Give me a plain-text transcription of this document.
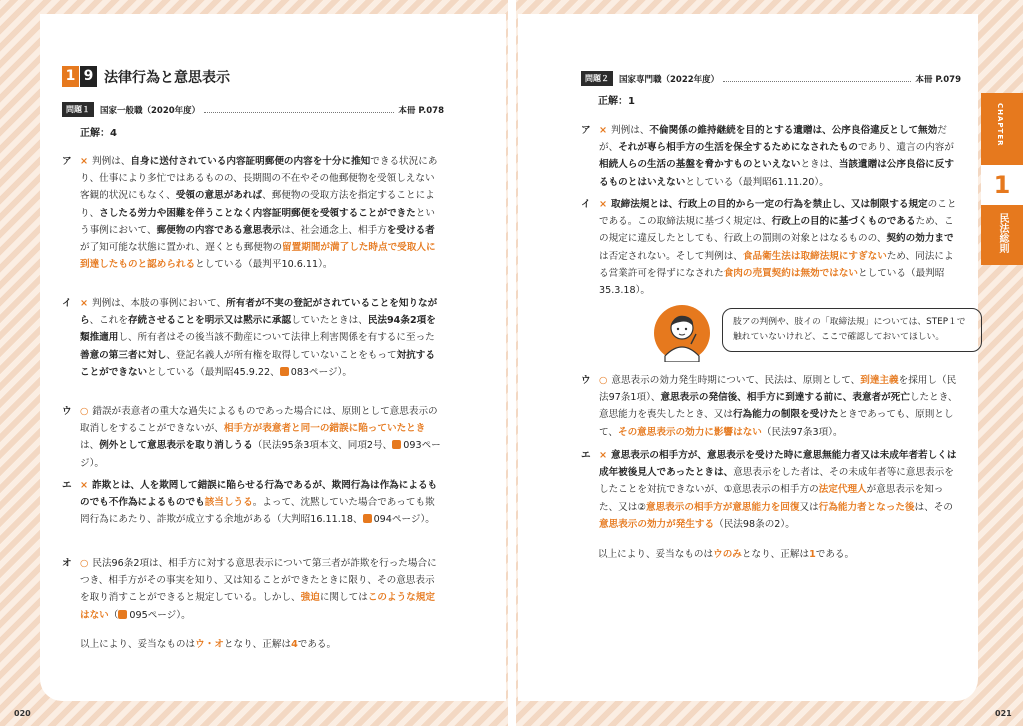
1 9 法律行為と意思表示
問題１	国家一般職（2020年度）	本冊 P.078
正解：4
ア × 判例は、自身に送付されている内容証明郵便の内容を十分に推知できる状況にあり、仕事により多忙ではあるものの、長期間の不在やその他郵便物を受領しえない客観的状況にもなく、受領の意思があれば、郵便物の受取方法を指定することにより、さしたる労力や困難を伴うことなく内容証明郵便を受領することができたという事例において、郵便物の内容である意思表示は、社会通念上、相手方を受ける者が了知可能な状態に置かれ、遅くとも郵便物の留置期間が満了した時点で受取人に到達したものと認められるとしている（最判平10.6.11）。
イ × 判例は、本肢の事例において、所有者が不実の登記がされていることを知りながら、これを存続させることを明示又は黙示に承認していたときは、民法94条2項を類推適用し、所有者はその後当該不動産について法律上利害関係を有するに至った善意の第三者に対し、登記名義人が所有権を取得していないことをもって対抗することができないとしている（最判昭45.9.22、 083ページ）。
ウ ○ 錯誤が表意者の重大な過失によるものであった場合には、原則として意思表示の取消しをすることができないが、相手方が表意者と同一の錯誤に陥っていたときは、例外として意思表示を取り消しうる（民法95条3項本文、同項2号、 093ページ）。
エ × 詐欺とは、人を欺罔して錯誤に陥らせる行為であるが、欺罔行為は作為によるものでも不作為によるものでも該当しうる。よって、沈黙していた場合であっても欺罔行為にあたり、詐欺が成立する余地がある（大判昭16.11.18、 094ページ）。
オ ○ 民法96条2項は、相手方に対する意思表示について第三者が詐欺を行った場合につき、相手方がその事実を知り、又は知ることができたときに限り、その意思表示を取り消すことができると規定している。しかし、強迫に関してはこのような規定はない（ 095ページ）。
以上により、妥当なものはウ・オとなり、正解は4である。
020
問題２	国家専門職（2022年度）	本冊 P.079
正解：1
ア × 判例は、不倫関係の維持継続を目的とする遺贈は、公序良俗違反として無効だが、それが専ら相手方の生活を保全するためになされたものであり、遺言の内容が相続人らの生活の基盤を脅かすものといえないときは、当該遺贈は公序良俗に反するものとはいえないとしている（最判昭61.11.20）。
イ × 取締法規とは、行政上の目的から一定の行為を禁止し、又は制限する規定のことである。この取締法規に基づく規定は、行政上の目的に基づくものであるため、この規定に違反したとしても、行政上の罰則の対象とはなるものの、契約の効力までは否定されない。そして判例は、食品衛生法は取締法規にすぎないため、同法による営業許可を得ずになされた食肉の売買契約は無効ではないとしている（最判昭35.3.18）。
肢アの判例や、肢イの「取締法規」については、STEP１で触れていないけれど、ここで確認しておいてほしい。
ウ ○ 意思表示の効力発生時期について、民法は、原則として、到達主義を採用し（民法97条1項）、意思表示の発信後、相手方に到達する前に、表意者が死亡したとき、意思能力を喪失したとき、又は行為能力の制限を受けたときであっても、原則として、その意思表示の効力に影響はない（民法97条3項）。
エ × 意思表示の相手方が、意思表示を受けた時に意思無能力者又は未成年者若しくは成年被後見人であったときは、意思表示をした者は、その未成年者等に意思表示をしたことを対抗できないが、①意思表示の相手方の法定代理人が意思表示を知った、又は②意思表示の相手方が意思能力を回復又は行為能力者となった後は、その意思表示の効力が発生する（民法98条の2）。
以上により、妥当なものはウのみとなり、正解は1である。
021
CHAPTER
1
民法総則
